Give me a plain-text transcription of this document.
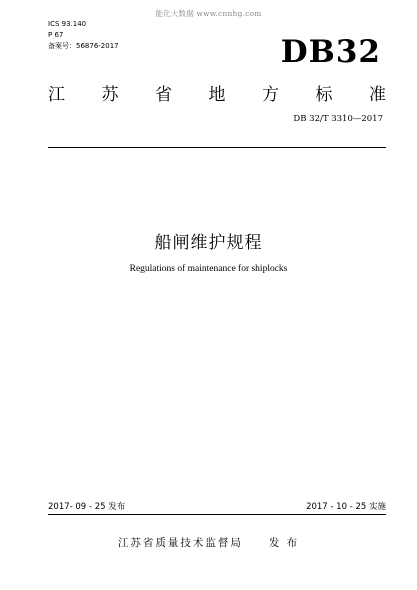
能化大数据 www.cnnhg.com
ICS 93.140
P 67
备案号：56876-2017	DB32
江 苏 省 地 方 标 准
DB 32/T 3310—2017
船闸维护规程
Regulations of maintenance for shiplocks
2017- 09 - 25 发布	2017 - 10 - 25 实施
江苏省质量技术监督局 发 布
